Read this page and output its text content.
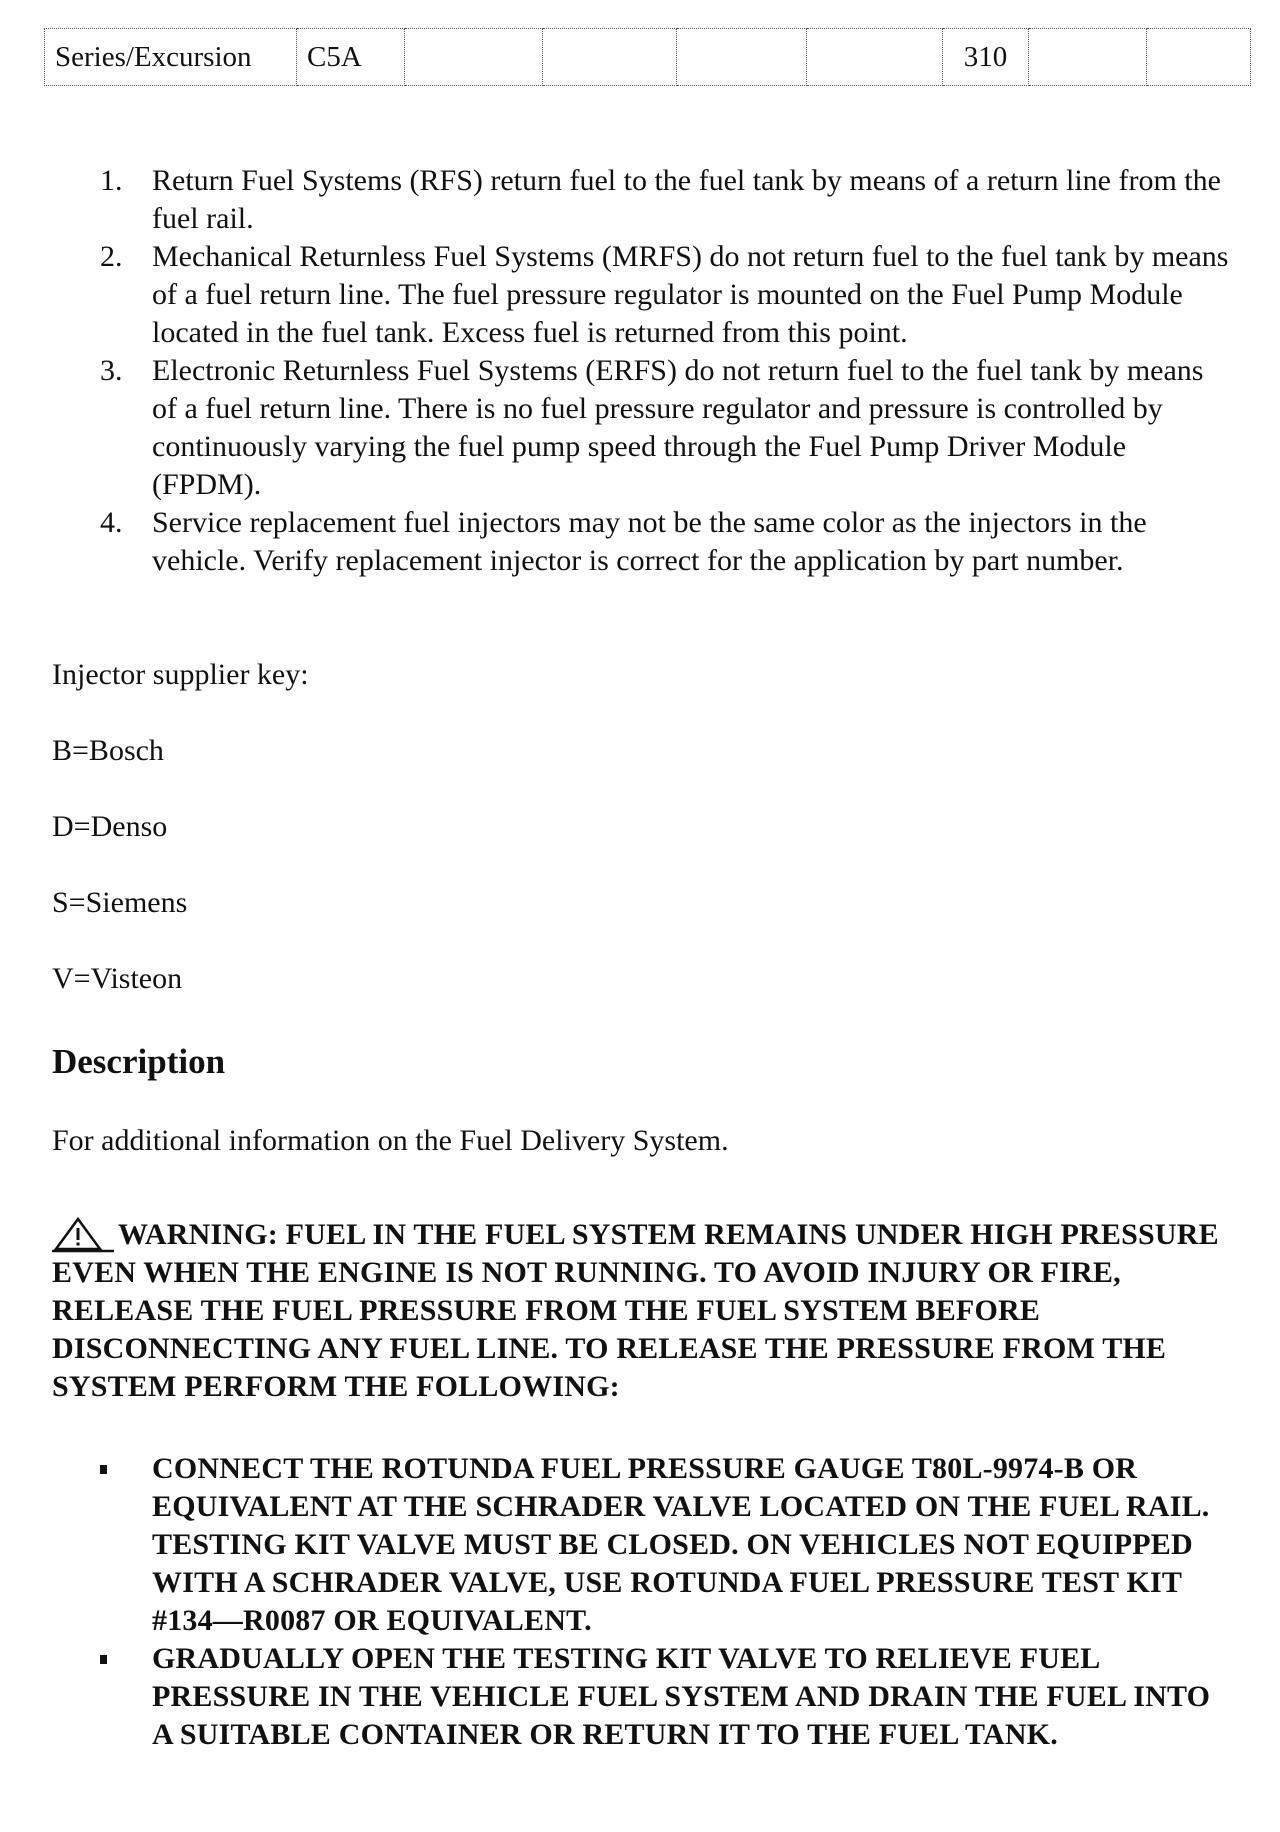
Series/Excursion	C5A					310		
1. Return Fuel Systems (RFS) return fuel to the fuel tank by means of a return line from the fuel rail.
2. Mechanical Returnless Fuel Systems (MRFS) do not return fuel to the fuel tank by means of a fuel return line. The fuel pressure regulator is mounted on the Fuel Pump Module located in the fuel tank. Excess fuel is returned from this point.
3. Electronic Returnless Fuel Systems (ERFS) do not return fuel to the fuel tank by means of a fuel return line. There is no fuel pressure regulator and pressure is controlled by continuously varying the fuel pump speed through the Fuel Pump Driver Module (FPDM).
4. Service replacement fuel injectors may not be the same color as the injectors in the vehicle. Verify replacement injector is correct for the application by part number.

Injector supplier key:

B=Bosch

D=Denso

S=Siemens

V=Visteon

Description

For additional information on the Fuel Delivery System.

WARNING: FUEL IN THE FUEL SYSTEM REMAINS UNDER HIGH PRESSURE EVEN WHEN THE ENGINE IS NOT RUNNING. TO AVOID INJURY OR FIRE, RELEASE THE FUEL PRESSURE FROM THE FUEL SYSTEM BEFORE DISCONNECTING ANY FUEL LINE. TO RELEASE THE PRESSURE FROM THE SYSTEM PERFORM THE FOLLOWING:

CONNECT THE ROTUNDA FUEL PRESSURE GAUGE T80L-9974-B OR EQUIVALENT AT THE SCHRADER VALVE LOCATED ON THE FUEL RAIL. TESTING KIT VALVE MUST BE CLOSED. ON VEHICLES NOT EQUIPPED WITH A SCHRADER VALVE, USE ROTUNDA FUEL PRESSURE TEST KIT #134—R0087 OR EQUIVALENT.
GRADUALLY OPEN THE TESTING KIT VALVE TO RELIEVE FUEL PRESSURE IN THE VEHICLE FUEL SYSTEM AND DRAIN THE FUEL INTO A SUITABLE CONTAINER OR RETURN IT TO THE FUEL TANK.
